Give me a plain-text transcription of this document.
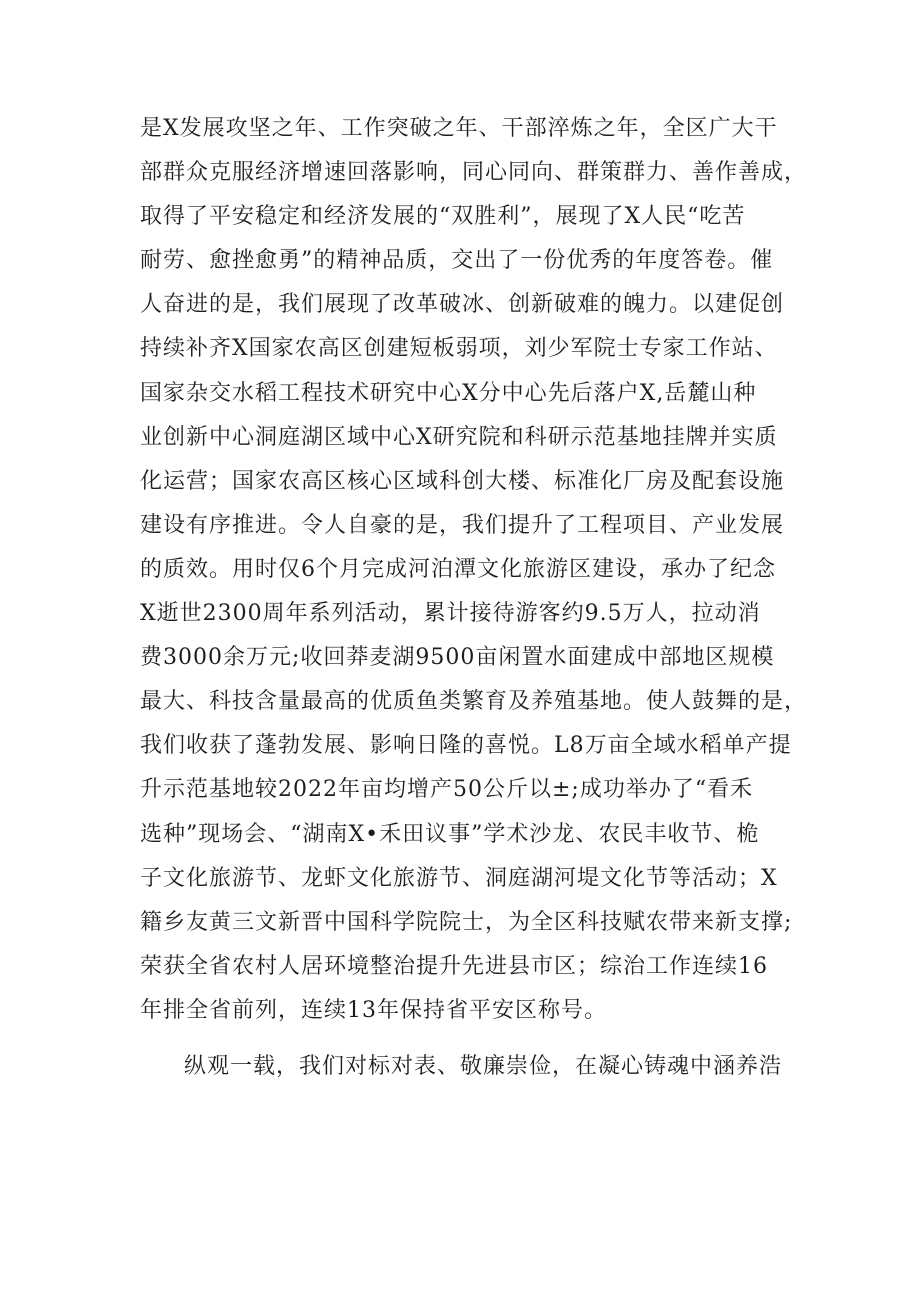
是X发展攻坚之年、工作突破之年、干部淬炼之年，全区广大干
部群众克服经济增速回落影响，同心同向、群策群力、善作善成，
取得了平安稳定和经济发展的“双胜利”，展现了X人民“吃苦
耐劳、愈挫愈勇”的精神品质，交出了一份优秀的年度答卷。催
人奋进的是，我们展现了改革破冰、创新破难的魄力。以建促创
持续补齐X国家农高区创建短板弱项，刘少军院士专家工作站、
国家杂交水稻工程技术研究中心X分中心先后落户X,岳麓山种
业创新中心洞庭湖区域中心X研究院和科研示范基地挂牌并实质
化运营；国家农高区核心区域科创大楼、标准化厂房及配套设施
建设有序推进。令人自豪的是，我们提升了工程项目、产业发展
的质效。用时仅6个月完成河泊潭文化旅游区建设，承办了纪念
X逝世2300周年系列活动，累计接待游客约9.5万人，拉动消
费3000余万元;收回莽麦湖9500亩闲置水面建成中部地区规模
最大、科技含量最高的优质鱼类繁育及养殖基地。使人鼓舞的是，
我们收获了蓬勃发展、影响日隆的喜悦。L8万亩全域水稻单产提
升示范基地较2022年亩均增产50公斤以±;成功举办了“看禾
选种”现场会、“湖南X•禾田议事”学术沙龙、农民丰收节、桅
子文化旅游节、龙虾文化旅游节、洞庭湖河堤文化节等活动；X
籍乡友黄三文新晋中国科学院院士，为全区科技赋农带来新支撑;
荣获全省农村人居环境整治提升先进县市区；综治工作连续16
年排全省前列，连续13年保持省平安区称号。
纵观一载，我们对标对表、敬廉崇俭，在凝心铸魂中涵养浩
